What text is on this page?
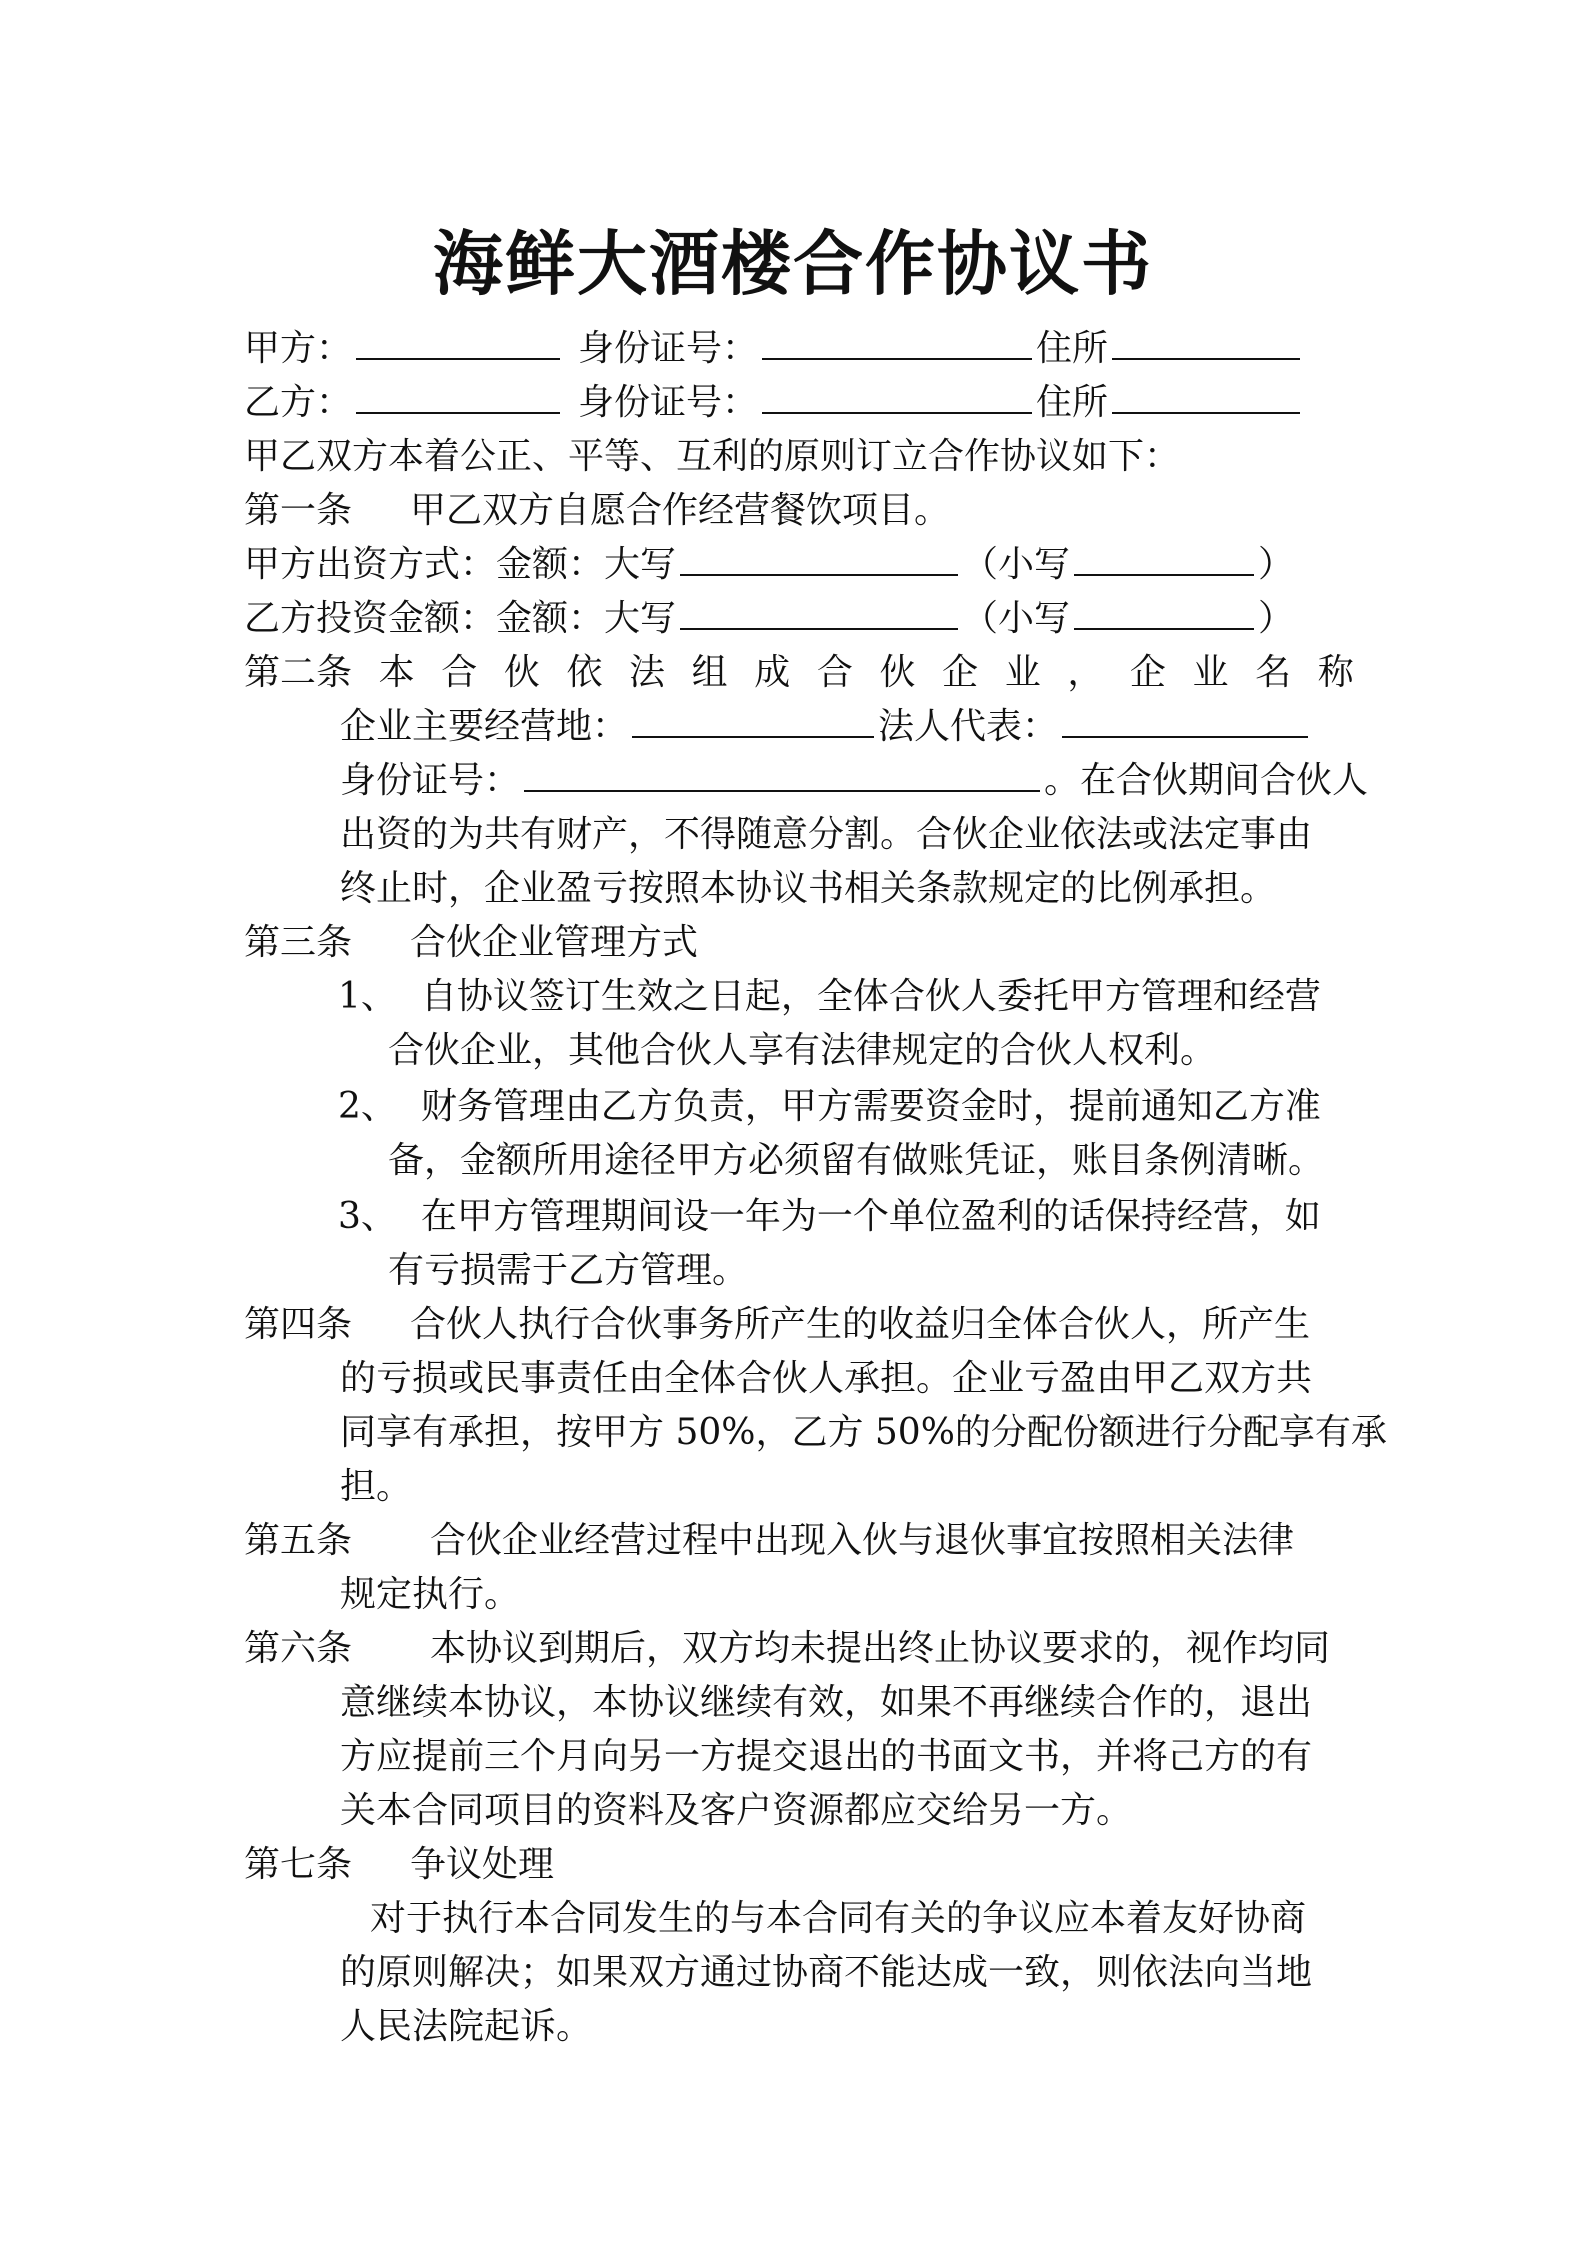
海鲜大酒楼合作协议书
甲方：	身份证号：	住所
乙方：	身份证号：	住所
甲乙双方本着公正、平等、互利的原则订立合作协议如下：
第一条 甲乙双方自愿合作经营餐饮项目。
甲方出资方式：金额：大写	（小写	）
乙方投资金额：金额：大写	（小写	）
第二条 本 合 伙 依 法 组 成 合 伙 企 业 ， 企 业 名 称
企业主要经营地：	法人代表：
身份证号：	。在合伙期间合伙人
出资的为共有财产，不得随意分割。合伙企业依法或法定事由
终止时，企业盈亏按照本协议书相关条款规定的比例承担。
第三条 合伙企业管理方式
1、 自协议签订生效之日起，全体合伙人委托甲方管理和经营
合伙企业，其他合伙人享有法律规定的合伙人权利。
2、 财务管理由乙方负责，甲方需要资金时，提前通知乙方准
备，金额所用途径甲方必须留有做账凭证，账目条例清晰。
3、 在甲方管理期间设一年为一个单位盈利的话保持经营，如
有亏损需于乙方管理。
第四条 合伙人执行合伙事务所产生的收益归全体合伙人，所产生
的亏损或民事责任由全体合伙人承担。企业亏盈由甲乙双方共
同享有承担，按甲方 50%，乙方 50%的分配份额进行分配享有承
担。
第五条 合伙企业经营过程中出现入伙与退伙事宜按照相关法律
规定执行。
第六条 本协议到期后，双方均未提出终止协议要求的，视作均同
意继续本协议，本协议继续有效，如果不再继续合作的，退出
方应提前三个月向另一方提交退出的书面文书，并将己方的有
关本合同项目的资料及客户资源都应交给另一方。
第七条 争议处理
对于执行本合同发生的与本合同有关的争议应本着友好协商
的原则解决；如果双方通过协商不能达成一致，则依法向当地
人民法院起诉。
